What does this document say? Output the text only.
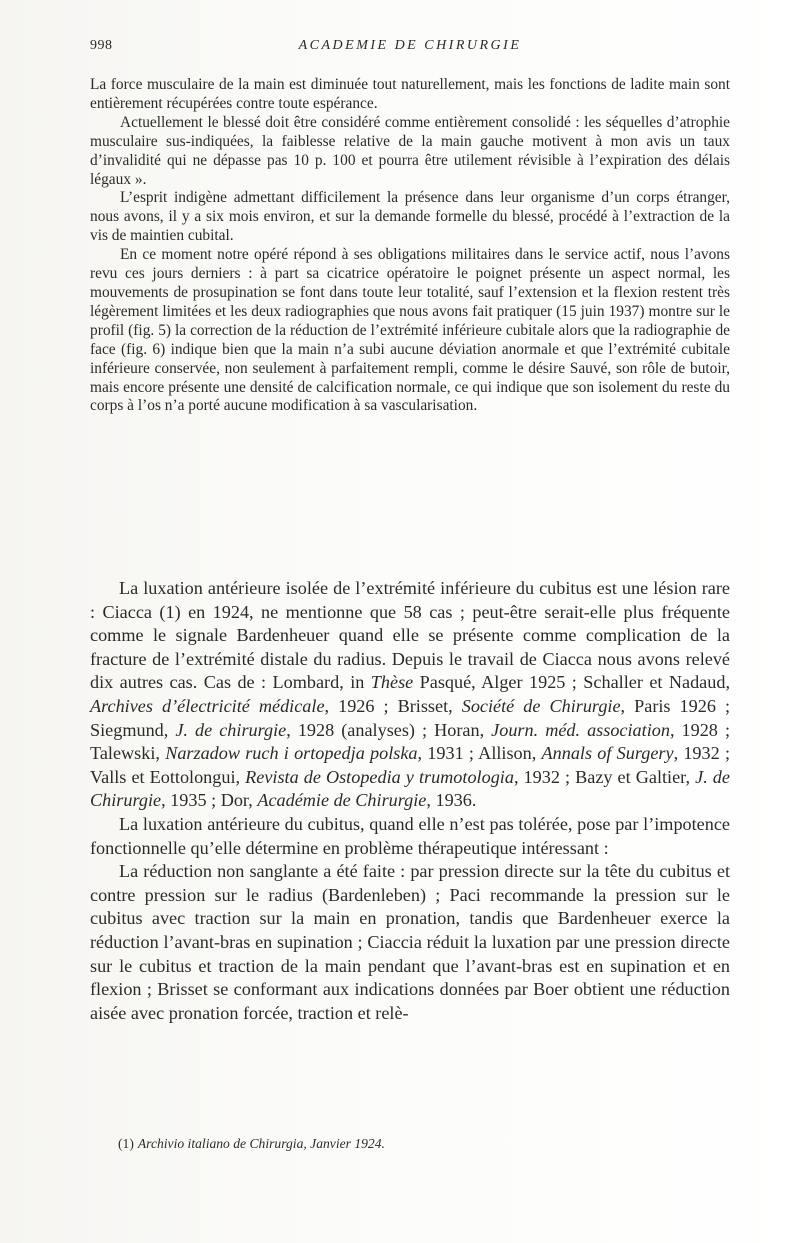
998	ACADEMIE DE CHIRURGIE

La force musculaire de la main est diminuée tout naturellement, mais les fonctions de ladite main sont entièrement récupérées contre toute espérance.

Actuellement le blessé doit être considéré comme entièrement consolidé : les séquelles d’atrophie musculaire sus-indiquées, la faiblesse relative de la main gauche motivent à mon avis un taux d’invalidité qui ne dépasse pas 10 p. 100 et pourra être utilement révisible à l’expiration des délais légaux ».

L’esprit indigène admettant difficilement la présence dans leur organisme d’un corps étranger, nous avons, il y a six mois environ, et sur la demande formelle du blessé, procédé à l’extraction de la vis de maintien cubital.

En ce moment notre opéré répond à ses obligations militaires dans le service actif, nous l’avons revu ces jours derniers : à part sa cicatrice opératoire le poignet présente un aspect normal, les mouvements de prosupination se font dans toute leur totalité, sauf l’extension et la flexion restent très légèrement limitées et les deux radiographies que nous avons fait pratiquer (15 juin 1937) montre sur le profil (fig. 5) la correction de la réduction de l’extrémité inférieure cubitale alors que la radiographie de face (fig. 6) indique bien que la main n’a subi aucune déviation anormale et que l’extrémité cubitale inférieure conservée, non seulement à parfaitement rempli, comme le désire Sauvé, son rôle de butoir, mais encore présente une densité de calcification normale, ce qui indique que son isolement du reste du corps à l’os n’a porté aucune modification à sa vascularisation.

La luxation antérieure isolée de l’extrémité inférieure du cubitus est une lésion rare : Ciacca (1) en 1924, ne mentionne que 58 cas ; peut-être serait-elle plus fréquente comme le signale Bardenheuer quand elle se présente comme complication de la fracture de l’extrémité distale du radius. Depuis le travail de Ciacca nous avons relevé dix autres cas. Cas de : Lombard, in Thèse Pasqué, Alger 1925 ; Schaller et Nadaud, Archives d’électricité médicale, 1926 ; Brisset, Société de Chirurgie, Paris 1926 ; Siegmund, J. de chirurgie, 1928 (analyses) ; Horan, Journ. méd. association, 1928 ; Talewski, Narzadow ruch i ortopedja polska, 1931 ; Allison, Annals of Surgery, 1932 ; Valls et Eottolongui, Revista de Ostopedia y trumotologia, 1932 ; Bazy et Galtier, J. de Chirurgie, 1935 ; Dor, Académie de Chirurgie, 1936.

La luxation antérieure du cubitus, quand elle n’est pas tolérée, pose par l’impotence fonctionnelle qu’elle détermine en problème thérapeutique intéressant :

La réduction non sanglante a été faite : par pression directe sur la tête du cubitus et contre pression sur le radius (Bardenleben) ; Paci recommande la pression sur le cubitus avec traction sur la main en pronation, tandis que Bardenheuer exerce la réduction l’avant-bras en supination ; Ciaccia réduit la luxation par une pression directe sur le cubitus et traction de la main pendant que l’avant-bras est en supination et en flexion ; Brisset se conformant aux indications données par Boer obtient une réduction aisée avec pronation forcée, traction et relè-

(1) Archivio italiano de Chirurgia, Janvier 1924.
